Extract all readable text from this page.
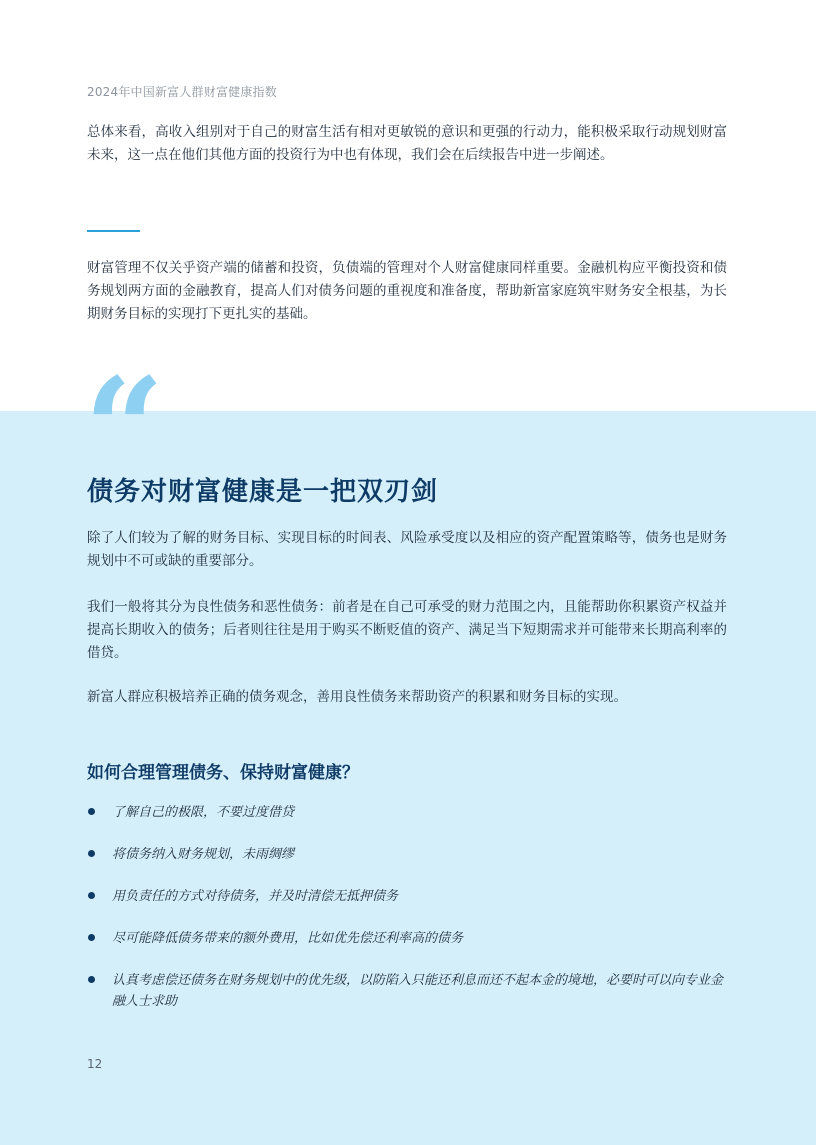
2024年中国新富人群财富健康指数

总体来看，高收入组别对于自己的财富生活有相对更敏锐的意识和更强的行动力，能积极采取行动规划财富未来，这一点在他们其他方面的投资行为中也有体现，我们会在后续报告中进一步阐述。

财富管理不仅关乎资产端的储蓄和投资，负债端的管理对个人财富健康同样重要。金融机构应平衡投资和债务规划两方面的金融教育，提高人们对债务问题的重视度和准备度，帮助新富家庭筑牢财务安全根基，为长期财务目标的实现打下更扎实的基础。

“
债务对财富健康是一把双刃剑

除了人们较为了解的财务目标、实现目标的时间表、风险承受度以及相应的资产配置策略等，债务也是财务规划中不可或缺的重要部分。

我们一般将其分为良性债务和恶性债务：前者是在自己可承受的财力范围之内，且能帮助你积累资产权益并提高长期收入的债务；后者则往往是用于购买不断贬值的资产、满足当下短期需求并可能带来长期高利率的借贷。

新富人群应积极培养正确的债务观念，善用良性债务来帮助资产的积累和财务目标的实现。

如何合理管理债务、保持财富健康？
了解自己的极限，不要过度借贷
将债务纳入财务规划，未雨绸缪
用负责任的方式对待债务，并及时清偿无抵押债务
尽可能降低债务带来的额外费用，比如优先偿还利率高的债务
认真考虑偿还债务在财务规划中的优先级，以防陷入只能还利息而还不起本金的境地，必要时可以向专业金融人士求助
12
